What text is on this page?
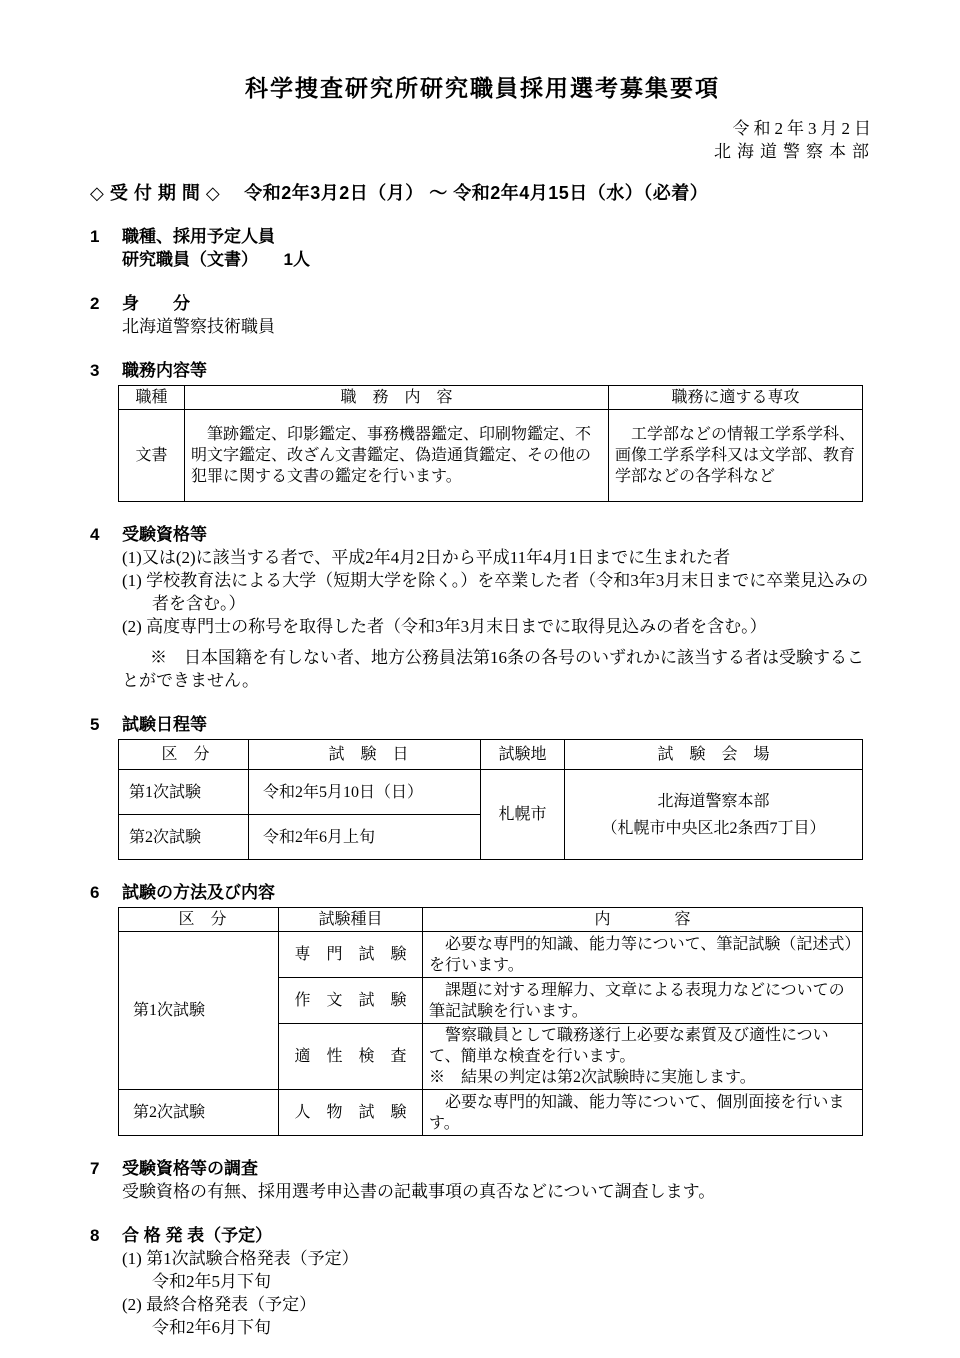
科学捜査研究所研究職員採用選考募集要項
令和2年3月2日
北海道警察本部
◇ 受 付 期 間 ◇　 令和2年3月2日（月） ～ 令和2年4月15日（水）（必着）
1	職種、採用予定人員
研究職員（文書）　　1人
2	身　　分
北海道警察技術職員
3	職務内容等
職種	職　務　内　容	職務に適する専攻
文書	筆跡鑑定、印影鑑定、事務機器鑑定、印刷物鑑定、不明文字鑑定、改ざん文書鑑定、偽造通貨鑑定、その他の犯罪に関する文書の鑑定を行います。	工学部などの情報工学系学科、画像工学系学科又は文学部、教育学部などの各学科など
4	受験資格等
(1)又は(2)に該当する者で、平成2年4月2日から平成11年4月1日までに生まれた者
(1) 学校教育法による大学（短期大学を除く。）を卒業した者（令和3年3月末日までに卒業見込みの者を含む。）
(2) 高度専門士の称号を取得した者（令和3年3月末日までに取得見込みの者を含む。）
※　日本国籍を有しない者、地方公務員法第16条の各号のいずれかに該当する者は受験することができません。
5	試験日程等
区　分	試　験　日	試験地	試　験　会　場
第1次試験	令和2年5月10日（日）	札幌市	北海道警察本部
（札幌市中央区北2条西7丁目）

第2次試験	令和2年6月上旬		
6	試験の方法及び内容
区　分	試験種目	内　　　　容
第1次試験	専　門　試　験	必要な専門的知識、能力等について、筆記試験（記述式）を行います。
	作　文　試　験	課題に対する理解力、文章による表現力などについての筆記試験を行います。
	適　性　検　査	警察職員として職務遂行上必要な素質及び適性について、簡単な検査を行います。
※　結果の判定は第2次試験時に実施します。

第2次試験	人　物　試　験	必要な専門的知識、能力等について、個別面接を行います。
7	受験資格等の調査
受験資格の有無、採用選考申込書の記載事項の真否などについて調査します。
8	合 格 発 表（予定）
(1) 第1次試験合格発表（予定）
令和2年5月下旬
(2) 最終合格発表（予定）
令和2年6月下旬
